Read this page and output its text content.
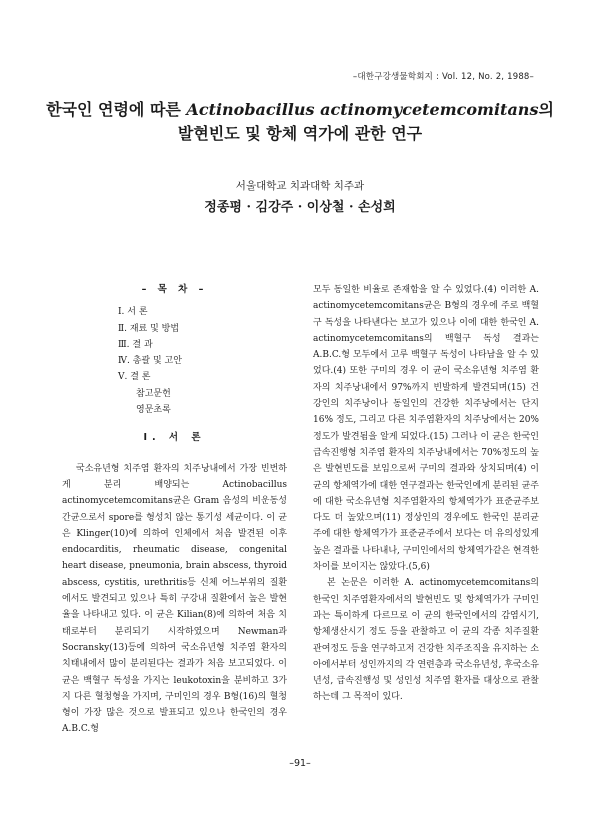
–대한구강생물학회지 : Vol. 12, No. 2, 1988–
한국인 연령에 따른 Actinobacillus actinomycetemcomitans의
발현빈도 및 항체 역가에 관한 연구
서울대학교 치과대학 치주과
정종평 · 김강주 · 이상철 · 손성희
– 목 차 –
Ⅰ. 서 론
Ⅱ. 재료 및 방법
Ⅲ. 결 과
Ⅳ. 총괄 및 고안
Ⅴ. 결 론
참고문헌
영문초록
Ⅰ. 서 론

국소유년형 치주염 환자의 치주낭내에서 가장 빈번하게 분리 배양되는 Actinobacillus actinomycetemcomitans균은 Gram 음성의 비운동성 간균으로서 spore를 형성치 않는 통기성 세균이다. 이 균은 Klinger(10)에 의하여 인체에서 처음 발견된 이후 endocarditis, rheumatic disease, congenital heart disease, pneumonia, brain abscess, thyroid abscess, cystitis, urethritis등 신체 어느부위의 질환에서도 발견되고 있으나 특히 구강내 질환에서 높은 발현율을 나타내고 있다. 이 균은 Kilian(8)에 의하여 처음 치태로부터 분리되기 시작하였으며 Newman과 Socransky(13)등에 의하여 국소유년형 치주염 환자의 치태내에서 많이 분리된다는 결과가 처음 보고되었다. 이 균은 백혈구 독성을 가지는 leukotoxin을 분비하고 3가지 다른 혈청형을 가지며, 구미인의 경우 B형(16)의 혈청형이 가장 많은 것으로 발표되고 있으나 한국인의 경우 A.B.C.형

모두 동일한 비율로 존재함을 알 수 있었다.(4) 이러한 A. actinomycetemcomitans균은 B형의 경우에 주로 백혈구 독성을 나타낸다는 보고가 있으나 이에 대한 한국인 A. actinomycetemcomitans의 백혈구 독성 결과는 A.B.C.형 모두에서 고루 백혈구 독성이 나타남을 알 수 있었다.(4) 또한 구미의 경우 이 균이 국소유년형 치주염 환자의 치주낭내에서 97%까지 빈발하게 발견되며(15) 건강인의 치주낭이나 동일인의 건강한 치주낭에서는 단지 16% 정도, 그리고 다른 치주염환자의 치주낭에서는 20% 정도가 발견됨을 알게 되었다.(15) 그러나 이 균은 한국인 급속진행형 치주염 환자의 치주낭내에서는 70%정도의 높은 발현빈도를 보임으로써 구미의 결과와 상치되며(4) 이 균의 항체역가에 대한 연구결과는 한국인에게 분리된 균주에 대한 국소유년형 치주염환자의 항체역가가 표준균주보다도 더 높았으며(11) 정상인의 경우에도 한국인 분리균주에 대한 항체역가가 표준균주에서 보다는 더 유의성있게 높은 결과를 나타내나, 구미인에서의 항체역가같은 현격한 차이를 보이지는 않았다.(5,6)

본 논문은 이러한 A. actinomycetemcomitans의 한국인 치주염환자에서의 발현빈도 및 항체역가가 구미인과는 특이하게 다르므로 이 균의 한국인에서의 감염시기, 항체생산시기 정도 등을 관찰하고 이 균의 각종 치주질환 관여정도 등을 연구하고저 건강한 치주조직을 유지하는 소아에서부터 성인까지의 각 연련층과 국소유년성, 후국소유년성, 급속진행성 및 성인성 치주염 환자를 대상으로 관찰하는데 그 목적이 있다.

–91–
